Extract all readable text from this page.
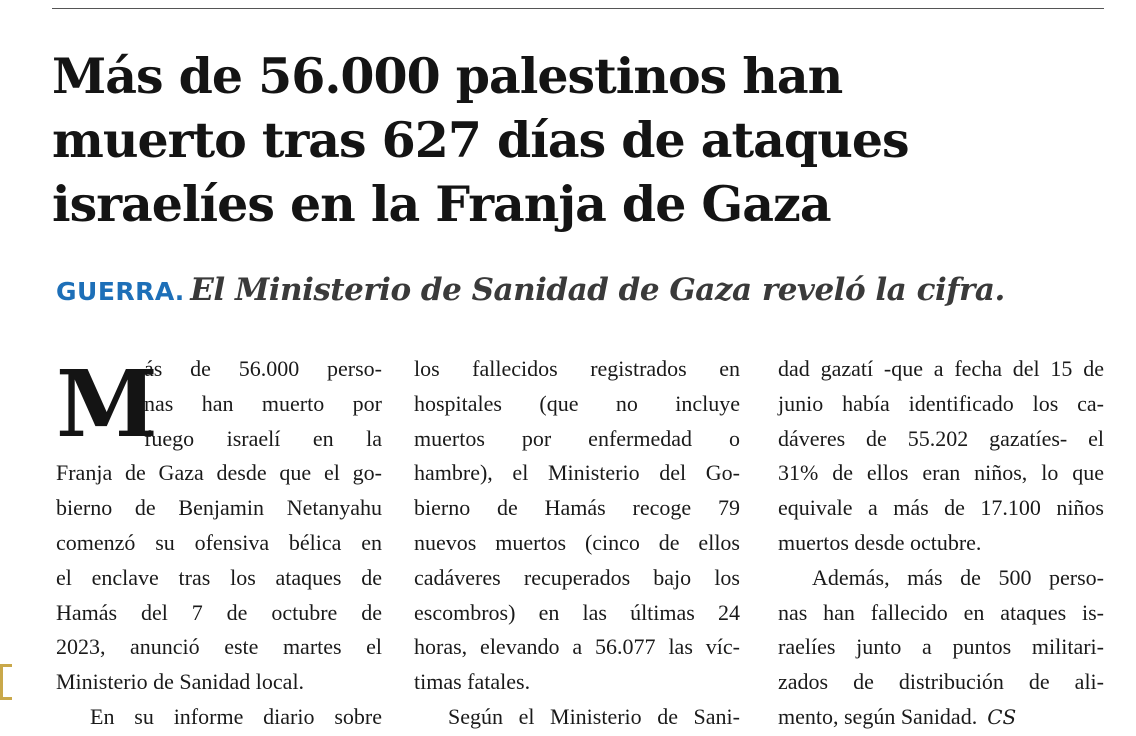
Más de 56.000 palestinos han
muerto tras 627 días de ataques
israelíes en la Franja de Gaza
GUERRA. El Ministerio de Sanidad de Gaza reveló la cifra.
M
ás de 56.000 perso-
nas han muerto por
fuego israelí en la
Franja de Gaza desde que el go-
bierno de Benjamin Netanyahu
comenzó su ofensiva bélica en
el enclave tras los ataques de
Hamás del 7 de octubre de
2023, anunció este martes el
Ministerio de Sanidad local.
En su informe diario sobre
los fallecidos registrados en
hospitales (que no incluye
muertos por enfermedad o
hambre), el Ministerio del Go-
bierno de Hamás recoge 79
nuevos muertos (cinco de ellos
cadáveres recuperados bajo los
escombros) en las últimas 24
horas, elevando a 56.077 las víc-
timas fatales.
Según el Ministerio de Sani-
dad gazatí -que a fecha del 15 de
junio había identificado los ca-
dáveres de 55.202 gazatíes- el
31% de ellos eran niños, lo que
equivale a más de 17.100 niños
muertos desde octubre.
Además, más de 500 perso-
nas han fallecido en ataques is-
raelíes junto a puntos militari-
zados de distribución de ali-
mento, según Sanidad. CS
